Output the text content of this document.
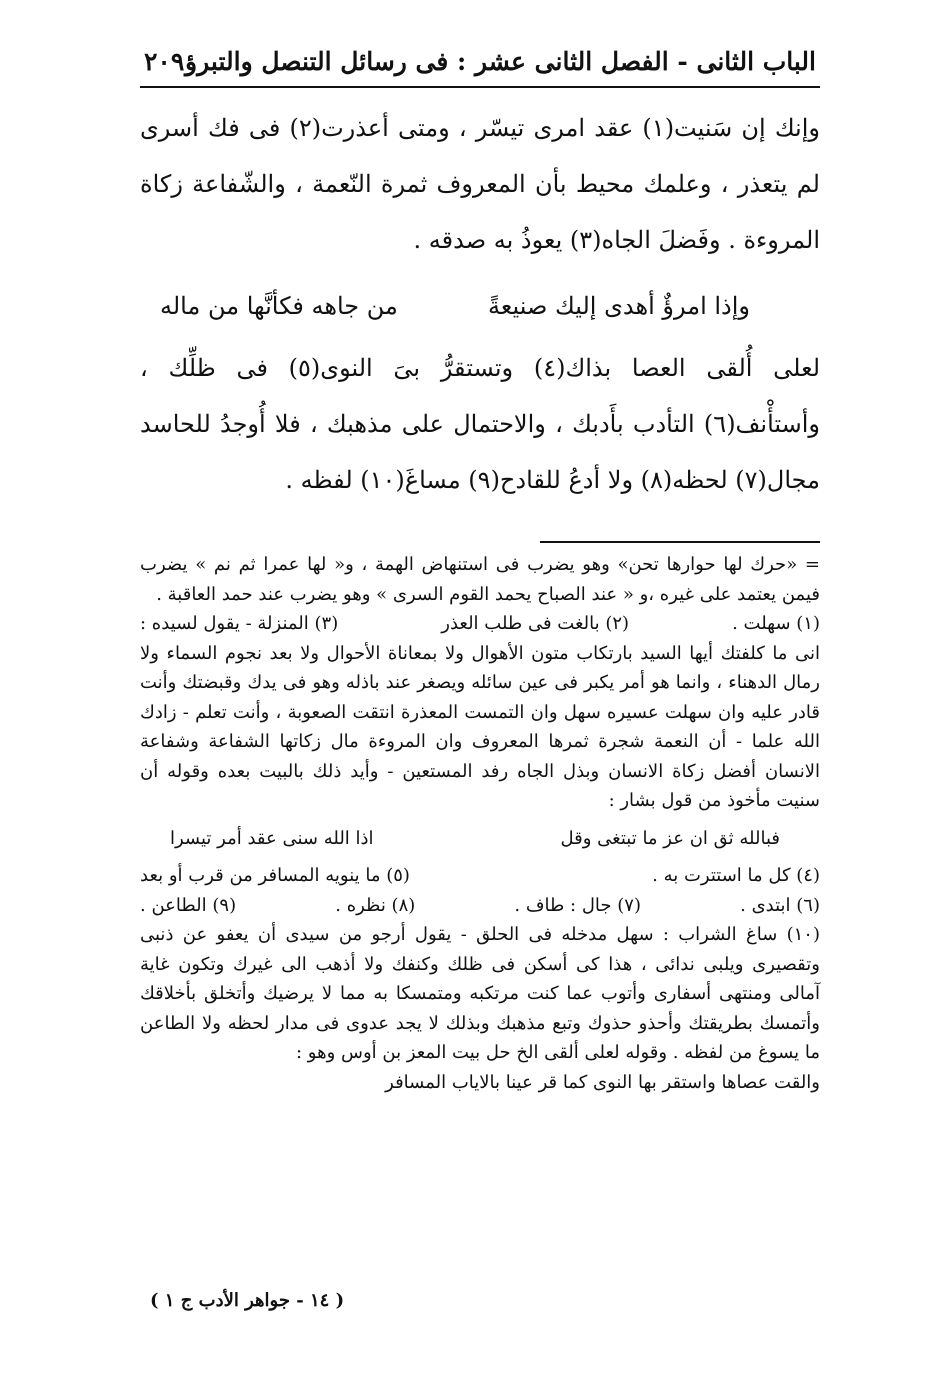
الباب الثانى - الفصل الثانى عشر : فى رسائل التنصل والتبرؤ
٢٠٩

وإنك إن سَنيت(١) عقد امرى تيسّر ، ومتى أعذرت(٢) فى فك أسرى لم يتعذر ، وعلمك محيط بأن المعروف ثمرة النّعمة ، والشّفاعة زكاة المروءة . وفَضلَ الجاه(٣) يعوذُ به صدقه .

وإذا امرؤٌ أهدى إليك صنيعةً
من جاهه فكأنَّها من ماله

لعلى أُلقى العصا بذاك(٤) وتستقرُّ بىَ النوى(٥) فى ظلِّك ، وأستأْنف(٦) التأدب بأَدبك ، والاحتمال على مذهبك ، فلا أُوجدُ للحاسد مجال(٧) لحظه(٨) ولا أدعُ للقادح(٩) مساغَ(١٠) لفظه .

= «حرك لها حوارها تحن» وهو يضرب فى استنهاض الهمة ، و« لها عمرا ثم نم » يضرب فيمن يعتمد على غيره ،و « عند الصباح يحمد القوم السرى » وهو يضرب عند حمد العاقبة .

(١) سهلت .
(٢) بالغت فى طلب العذر
(٣) المنزلة - يقول لسيده :

انى ما كلفتك أيها السيد بارتكاب متون الأهوال ولا بمعاناة الأحوال ولا بعد نجوم السماء ولا رمال الدهناء ، وانما هو أمر يكبر فى عين سائله ويصغر عند باذله وهو فى يدك وقبضتك وأنت قادر عليه وان سهلت عسيره سهل وان التمست المعذرة انتقت الصعوبة ، وأنت تعلم - زادك الله علما - أن النعمة شجرة ثمرها المعروف وان المروءة مال زكاتها الشفاعة وشفاعة الانسان أفضل زكاة الانسان وبذل الجاه رفد المستعين - وأيد ذلك بالبيت بعده وقوله أن سنيت مأخوذ من قول بشار :

فبالله ثق ان عز ما تبتغى وقل
اذا الله سنى عقد أمر تيسرا
(٤) كل ما استترت به .
(٥) ما ينويه المسافر من قرب أو بعد
(٦) ابتدى .
(٧) جال : طاف .
(٨) نظره .
(٩) الطاعن .

(١٠) ساغ الشراب : سهل مدخله فى الحلق - يقول أرجو من سيدى أن يعفو عن ذنبى وتقصيرى ويلبى ندائى ، هذا كى أسكن فى ظلك وكنفك ولا أذهب الى غيرك وتكون غاية آمالى ومنتهى أسفارى وأتوب عما كنت مرتكبه ومتمسكا به مما لا يرضيك وأتخلق بأخلاقك وأتمسك بطريقتك وأحذو حذوك وتبع مذهبك وبذلك لا يجد عدوى فى مدار لحظه ولا الطاعن ما يسوغ من لفظه . وقوله لعلى ألقى الخ حل بيت المعز بن أوس وهو :

والقت عصاها واستقر بها النوى كما قر عينا بالاياب المسافر

( ١٤ - جواهر الأدب ج ١ )
